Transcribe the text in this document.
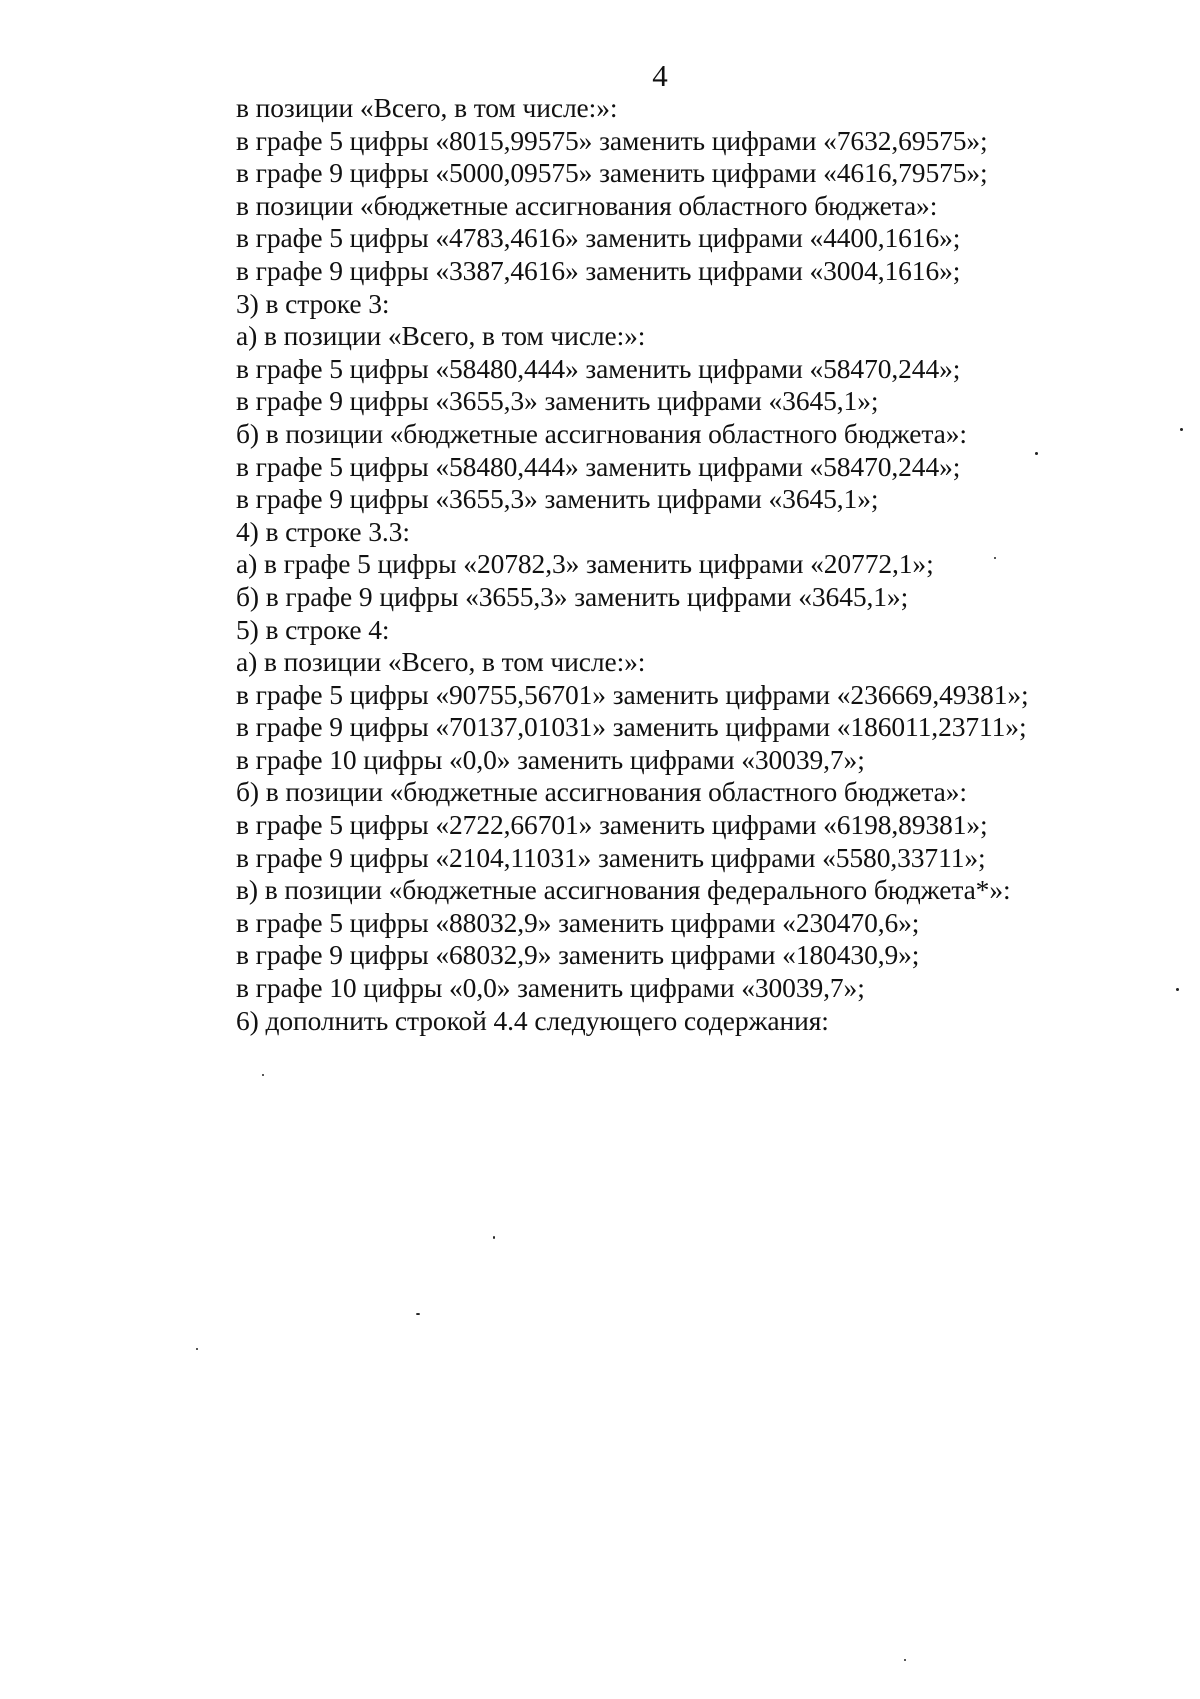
4
в позиции «Всего, в том числе:»:
в графе 5 цифры «8015,99575» заменить цифрами «7632,69575»;
в графе 9 цифры «5000,09575» заменить цифрами «4616,79575»;
в позиции «бюджетные ассигнования областного бюджета»:
в графе 5 цифры «4783,4616» заменить цифрами «4400,1616»;
в графе 9 цифры «3387,4616» заменить цифрами «3004,1616»;
3) в строке 3:
а) в позиции «Всего, в том числе:»:
в графе 5 цифры «58480,444» заменить цифрами «58470,244»;
в графе 9 цифры «3655,3» заменить цифрами «3645,1»;
б) в позиции «бюджетные ассигнования областного бюджета»:
в графе 5 цифры «58480,444» заменить цифрами «58470,244»;
в графе 9 цифры «3655,3» заменить цифрами «3645,1»;
4) в строке 3.3:
а) в графе 5 цифры «20782,3» заменить цифрами «20772,1»;
б) в графе 9 цифры «3655,3» заменить цифрами «3645,1»;
5) в строке 4:
а) в позиции «Всего, в том числе:»:
в графе 5 цифры «90755,56701» заменить цифрами «236669,49381»;
в графе 9 цифры «70137,01031» заменить цифрами «186011,23711»;
в графе 10 цифры «0,0» заменить цифрами «30039,7»;
б) в позиции «бюджетные ассигнования областного бюджета»:
в графе 5 цифры «2722,66701» заменить цифрами «6198,89381»;
в графе 9 цифры «2104,11031» заменить цифрами «5580,33711»;
в) в позиции «бюджетные ассигнования федерального бюджета*»:
в графе 5 цифры «88032,9» заменить цифрами «230470,6»;
в графе 9 цифры «68032,9» заменить цифрами «180430,9»;
в графе 10 цифры «0,0» заменить цифрами «30039,7»;
6) дополнить строкой 4.4 следующего содержания:
